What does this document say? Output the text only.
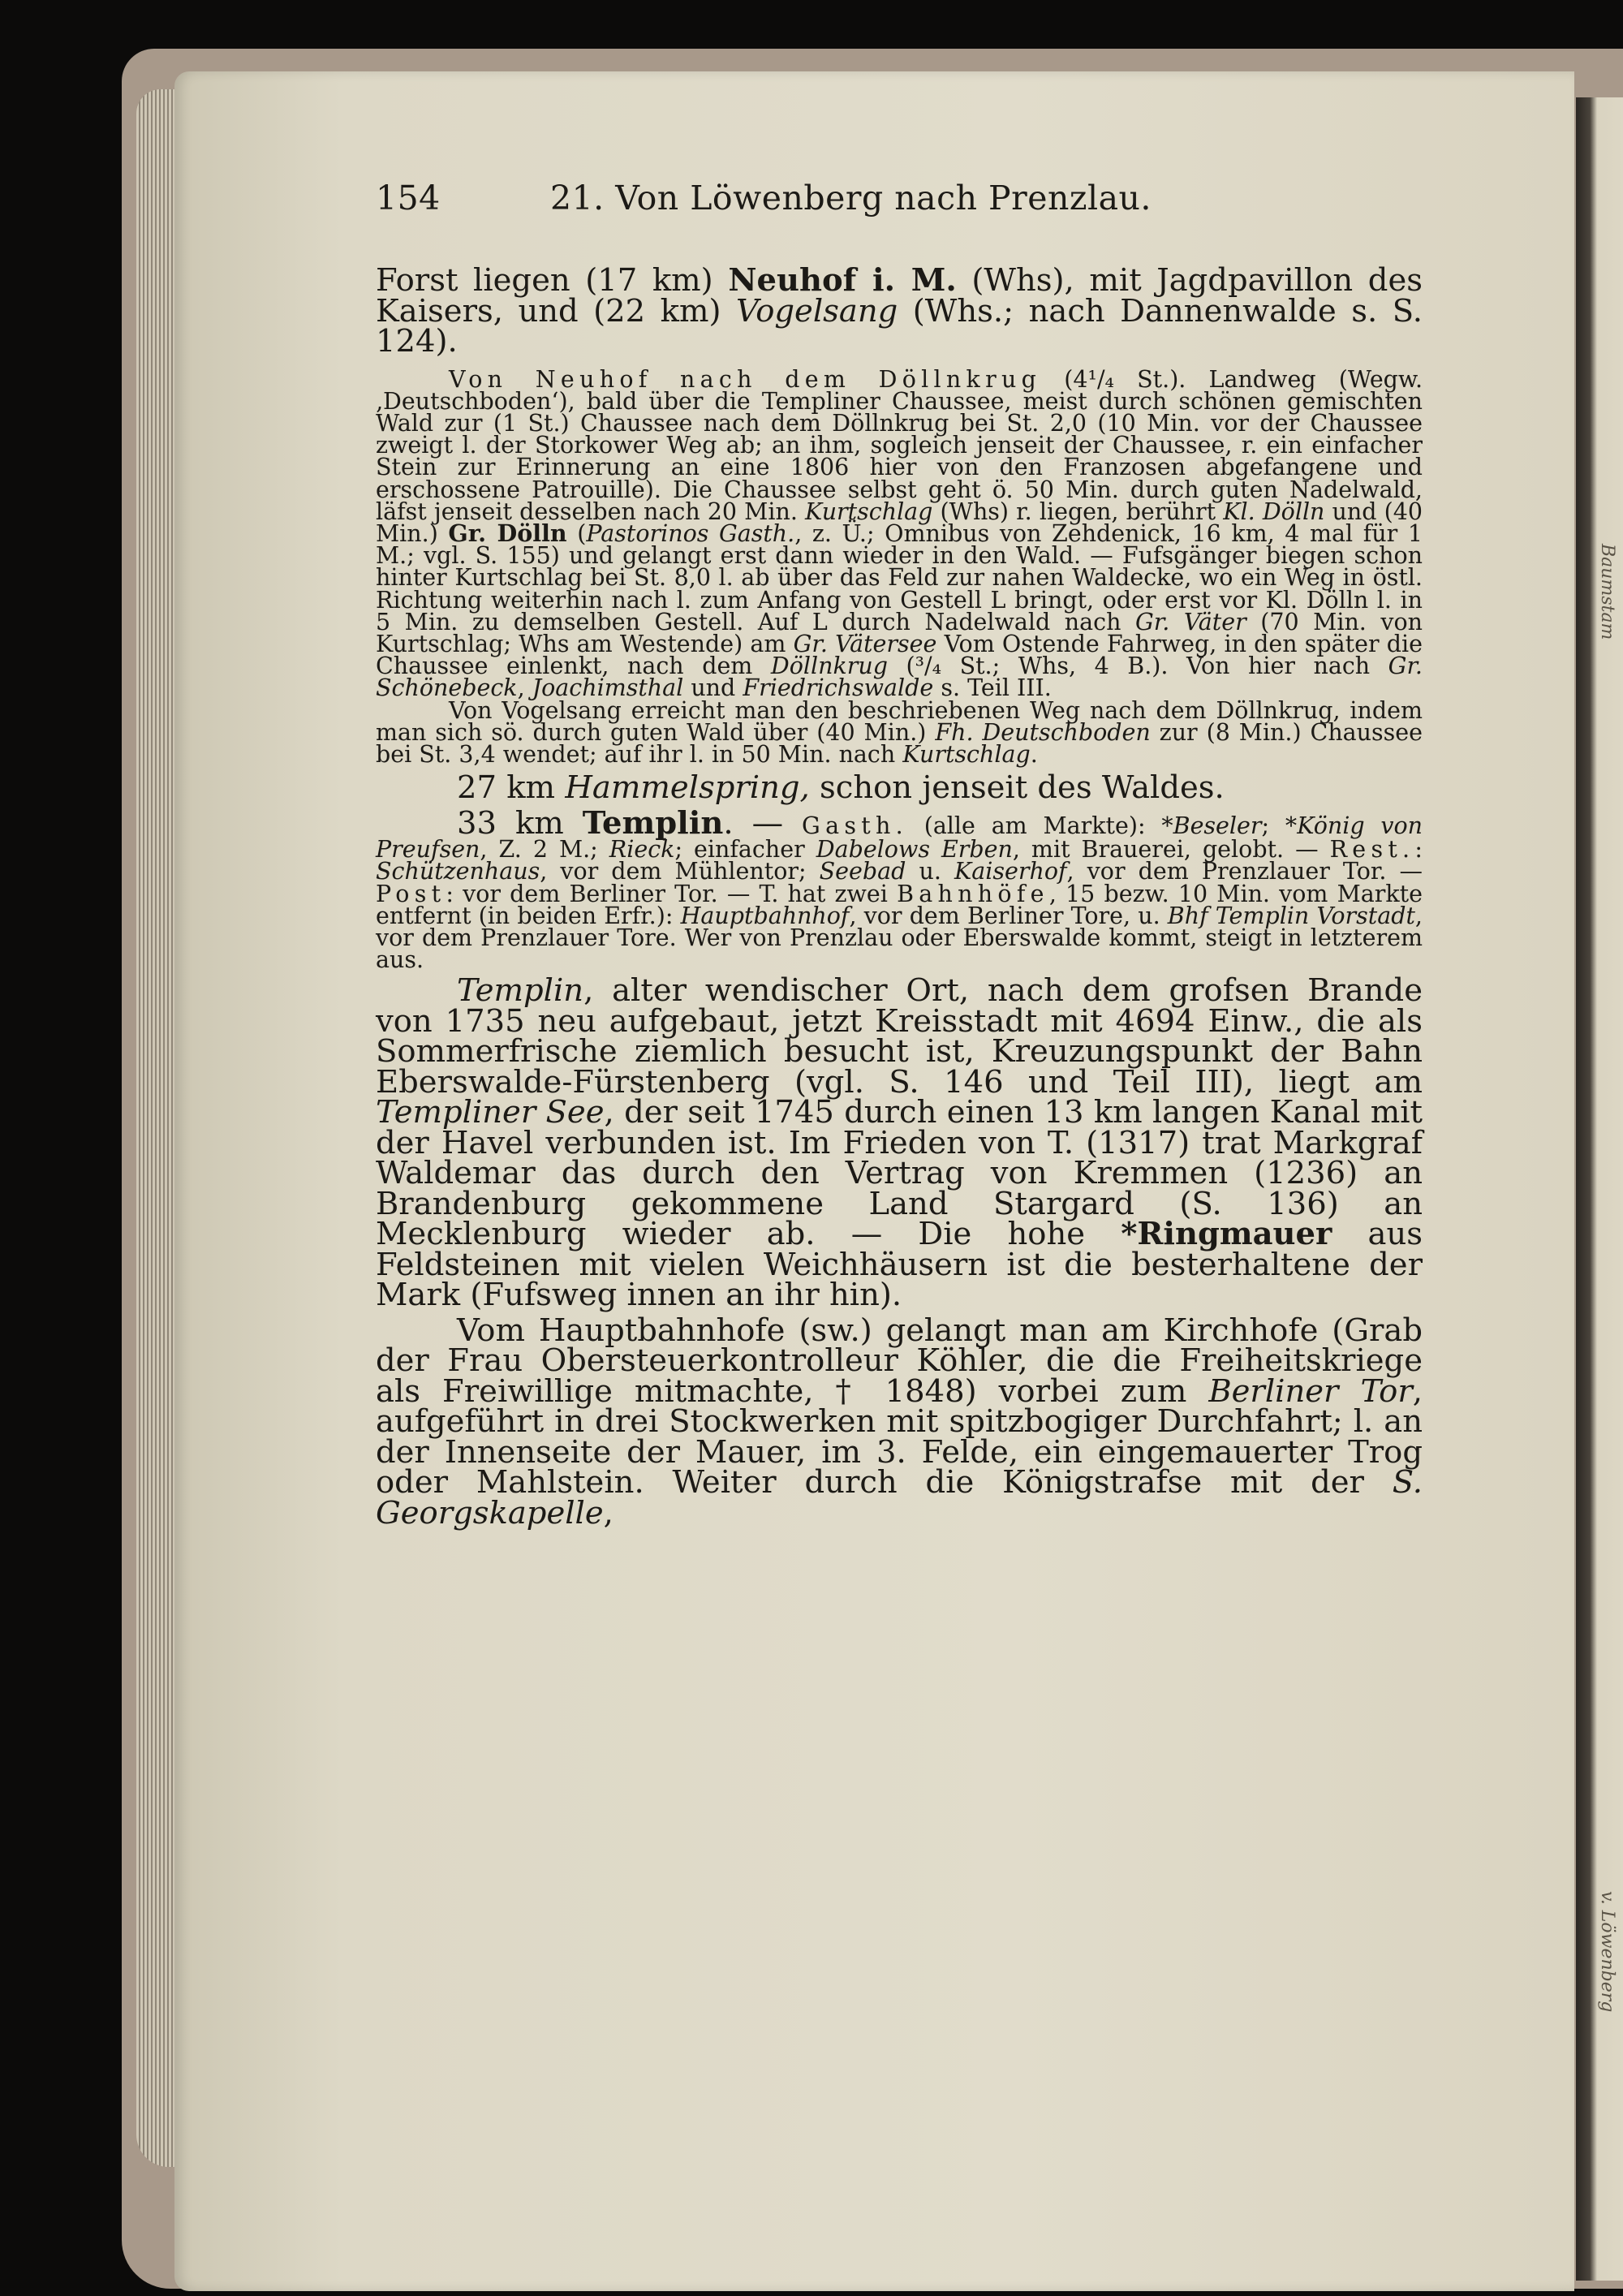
Baumstam
v. Löwenberg
154	21. Von Löwenberg nach Prenzlau.

Forst liegen (17 km) Neuhof i. M. (Whs), mit Jagdpavillon des Kaisers, und (22 km) Vogelsang (Whs.; nach Dannenwalde s. S. 124).

Von Neuhof nach dem Döllnkrug (4¹/₄ St.). Landweg (Wegw. ‚Deutschboden‘), bald über die Templiner Chaussee, meist durch schönen gemischten Wald zur (1 St.) Chaussee nach dem Döllnkrug bei St. 2,0 (10 Min. vor der Chaussee zweigt l. der Storkower Weg ab; an ihm, sogleich jenseit der Chaussee, r. ein einfacher Stein zur Erinnerung an eine 1806 hier von den Franzosen abgefangene und erschossene Patrouille). Die Chaussee selbst geht ö. 50 Min. durch guten Nadelwald, läfst jenseit desselben nach 20 Min. Kurtschlag (Whs) r. liegen, berührt Kl. Dölln und (40 Min.) Gr. Dölln (Pastorinos Gasth., z. Ü.; Omnibus von Zehdenick, 16 km, 4 mal für 1 M.; vgl. S. 155) und gelangt erst dann wieder in den Wald. — Fufsgänger biegen schon hinter Kurtschlag bei St. 8,0 l. ab über das Feld zur nahen Waldecke, wo ein Weg in östl. Richtung weiterhin nach l. zum Anfang von Gestell L bringt, oder erst vor Kl. Dölln l. in 5 Min. zu demselben Gestell. Auf L durch Nadelwald nach Gr. Väter (70 Min. von Kurtschlag; Whs am Westende) am Gr. Vätersee Vom Ostende Fahrweg, in den später die Chaussee einlenkt, nach dem Döllnkrug (³/₄ St.; Whs, 4 B.). Von hier nach Gr. Schönebeck, Joachimsthal und Friedrichswalde s. Teil III.

Von Vogelsang erreicht man den beschriebenen Weg nach dem Döllnkrug, indem man sich sö. durch guten Wald über (40 Min.) Fh. Deutschboden zur (8 Min.) Chaussee bei St. 3,4 wendet; auf ihr l. in 50 Min. nach Kurtschlag.

27 km Hammelspring, schon jenseit des Waldes.

33 km Templin. — Gasth. (alle am Markte): *Beseler; *König von Preufsen, Z. 2 M.; Rieck; einfacher Dabelows Erben, mit Brauerei, gelobt. — Rest.: Schützenhaus, vor dem Mühlentor; Seebad u. Kaiserhof, vor dem Prenzlauer Tor. — Post: vor dem Berliner Tor. — T. hat zwei Bahnhöfe, 15 bezw. 10 Min. vom Markte entfernt (in beiden Erfr.): Hauptbahnhof, vor dem Berliner Tore, u. Bhf Templin Vorstadt, vor dem Prenzlauer Tore. Wer von Prenzlau oder Eberswalde kommt, steigt in letzterem aus.

Templin, alter wendischer Ort, nach dem grofsen Brande von 1735 neu aufgebaut, jetzt Kreisstadt mit 4694 Einw., die als Sommerfrische ziemlich besucht ist, Kreuzungspunkt der Bahn Eberswalde-Fürstenberg (vgl. S. 146 und Teil III), liegt am Templiner See, der seit 1745 durch einen 13 km langen Kanal mit der Havel verbunden ist. Im Frieden von T. (1317) trat Markgraf Waldemar das durch den Vertrag von Kremmen (1236) an Brandenburg gekommene Land Stargard (S. 136) an Mecklenburg wieder ab. — Die hohe *Ringmauer aus Feldsteinen mit vielen Weichhäusern ist die besterhaltene der Mark (Fufsweg innen an ihr hin).

Vom Hauptbahnhofe (sw.) gelangt man am Kirchhofe (Grab der Frau Obersteuerkontrolleur Köhler, die die Freiheitskriege als Freiwillige mitmachte, † 1848) vorbei zum Berliner Tor, aufgeführt in drei Stockwerken mit spitzbogiger Durchfahrt; l. an der Innenseite der Mauer, im 3. Felde, ein eingemauerter Trog oder Mahlstein. Weiter durch die Königstrafse mit der S. Georgskapelle,
